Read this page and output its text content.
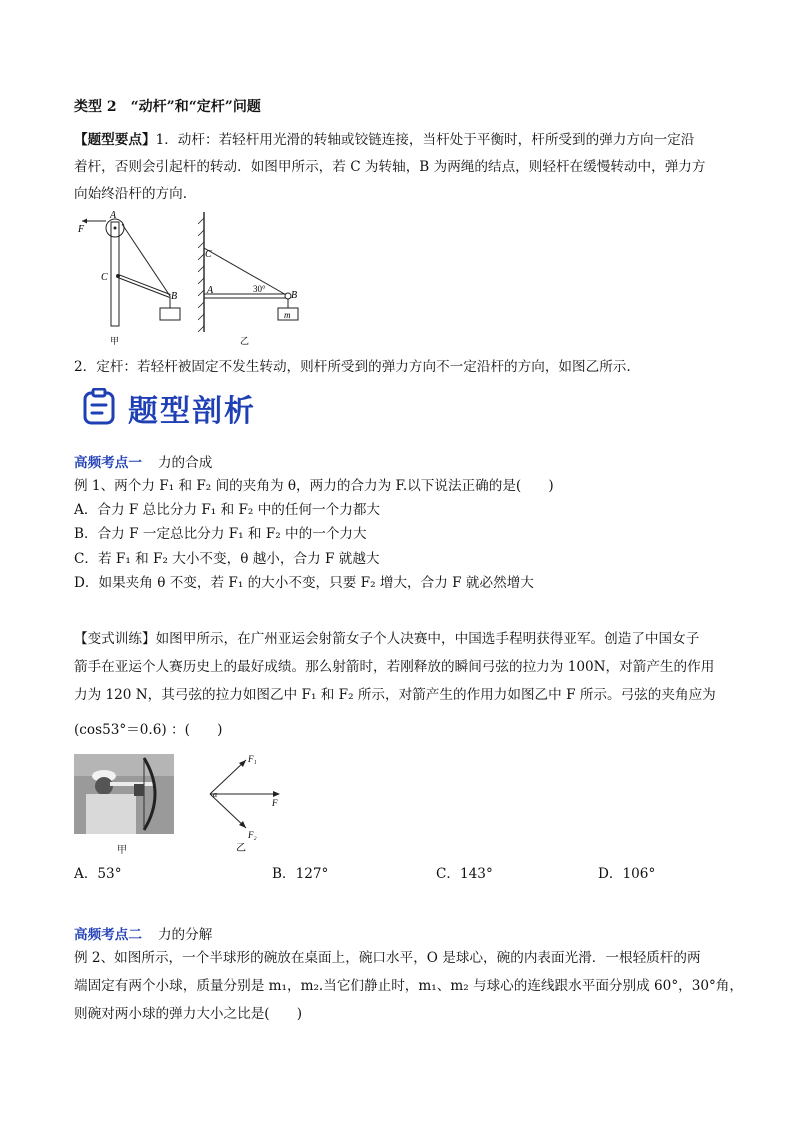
类型 2　“动杆”和“定杆”问题
【题型要点】1．动杆：若轻杆用光滑的转轴或铰链连接，当杆处于平衡时，杆所受到的弹力方向一定沿
着杆，否则会引起杆的转动．如图甲所示，若 C 为转轴，B 为两绳的结点，则轻杆在缓慢转动中，弹力方
向始终沿杆的方向.
F
A
C
B
甲
C
A	B
30°
m
乙
2．定杆：若轻杆被固定不发生转动，则杆所受到的弹力方向不一定沿杆的方向，如图乙所示.
题型剖析
高频考点一 力的合成
例 1、两个力 F₁ 和 F₂ 间的夹角为 θ，两力的合力为 F.以下说法正确的是(　　)
A．合力 F 总比分力 F₁ 和 F₂ 中的任何一个力都大
B．合力 F 一定总比分力 F₁ 和 F₂ 中的一个力大
C．若 F₁ 和 F₂ 大小不变，θ 越小，合力 F 就越大
D．如果夹角 θ 不变，若 F₁ 的大小不变，只要 F₂ 增大，合力 F 就必然增大
【变式训练】如图甲所示，在广州亚运会射箭女子个人决赛中，中国选手程明获得亚军。创造了中国女子
箭手在亚运个人赛历史上的最好成绩。那么射箭时，若刚释放的瞬间弓弦的拉力为 100N，对箭产生的作用
力为 120 N，其弓弦的拉力如图乙中 F₁ 和 F₂ 所示，对箭产生的作用力如图乙中 F 所示。弓弦的夹角应为
(cos53°＝0.6) ：(　　)
甲
F₁
F₂
F
α
乙
A．53°	B．127°	C．143°	D．106°
高频考点二 力的分解
例 2、如图所示，一个半球形的碗放在桌面上，碗口水平，O 是球心，碗的内表面光滑．一根轻质杆的两
端固定有两个小球，质量分别是 m₁，m₂.当它们静止时，m₁、m₂ 与球心的连线跟水平面分别成 60°，30°角，
则碗对两小球的弹力大小之比是(　　)
